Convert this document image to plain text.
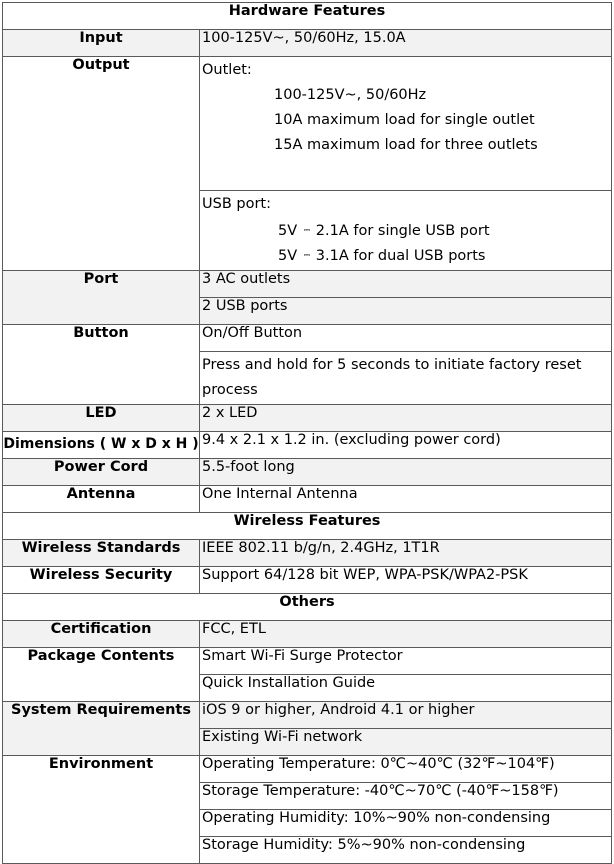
Hardware Features	
Input	100-125V~, 50/60Hz, 15.0A
Output	Outlet:
100-125V~, 50/60Hz
10A maximum load for single outlet
15A maximum load for three outlets

	USB port:
5V ⎓ 2.1A for single USB port
5V ⎓ 3.1A for dual USB ports

Port	3 AC outlets
	2 USB ports
Button	On/Off Button
	Press and hold for 5 seconds to initiate factory reset process
LED	2 x LED
Dimensions ( W x D x H )	9.4 x 2.1 x 1.2 in. (excluding power cord)
Power Cord	5.5-foot long
Antenna	One Internal Antenna
Wireless Features	
Wireless Standards	IEEE 802.11 b/g/n, 2.4GHz, 1T1R
Wireless Security	Support 64/128 bit WEP, WPA-PSK/WPA2-PSK
Others	
Certification	FCC, ETL
Package Contents	Smart Wi-Fi Surge Protector
	Quick Installation Guide
System Requirements	iOS 9 or higher, Android 4.1 or higher
	Existing Wi-Fi network
Environment	Operating Temperature: 0℃~40℃ (32℉~104℉)
	Storage Temperature: -40℃~70℃ (-40℉~158℉)
	Operating Humidity: 10%~90% non-condensing
	Storage Humidity: 5%~90% non-condensing
